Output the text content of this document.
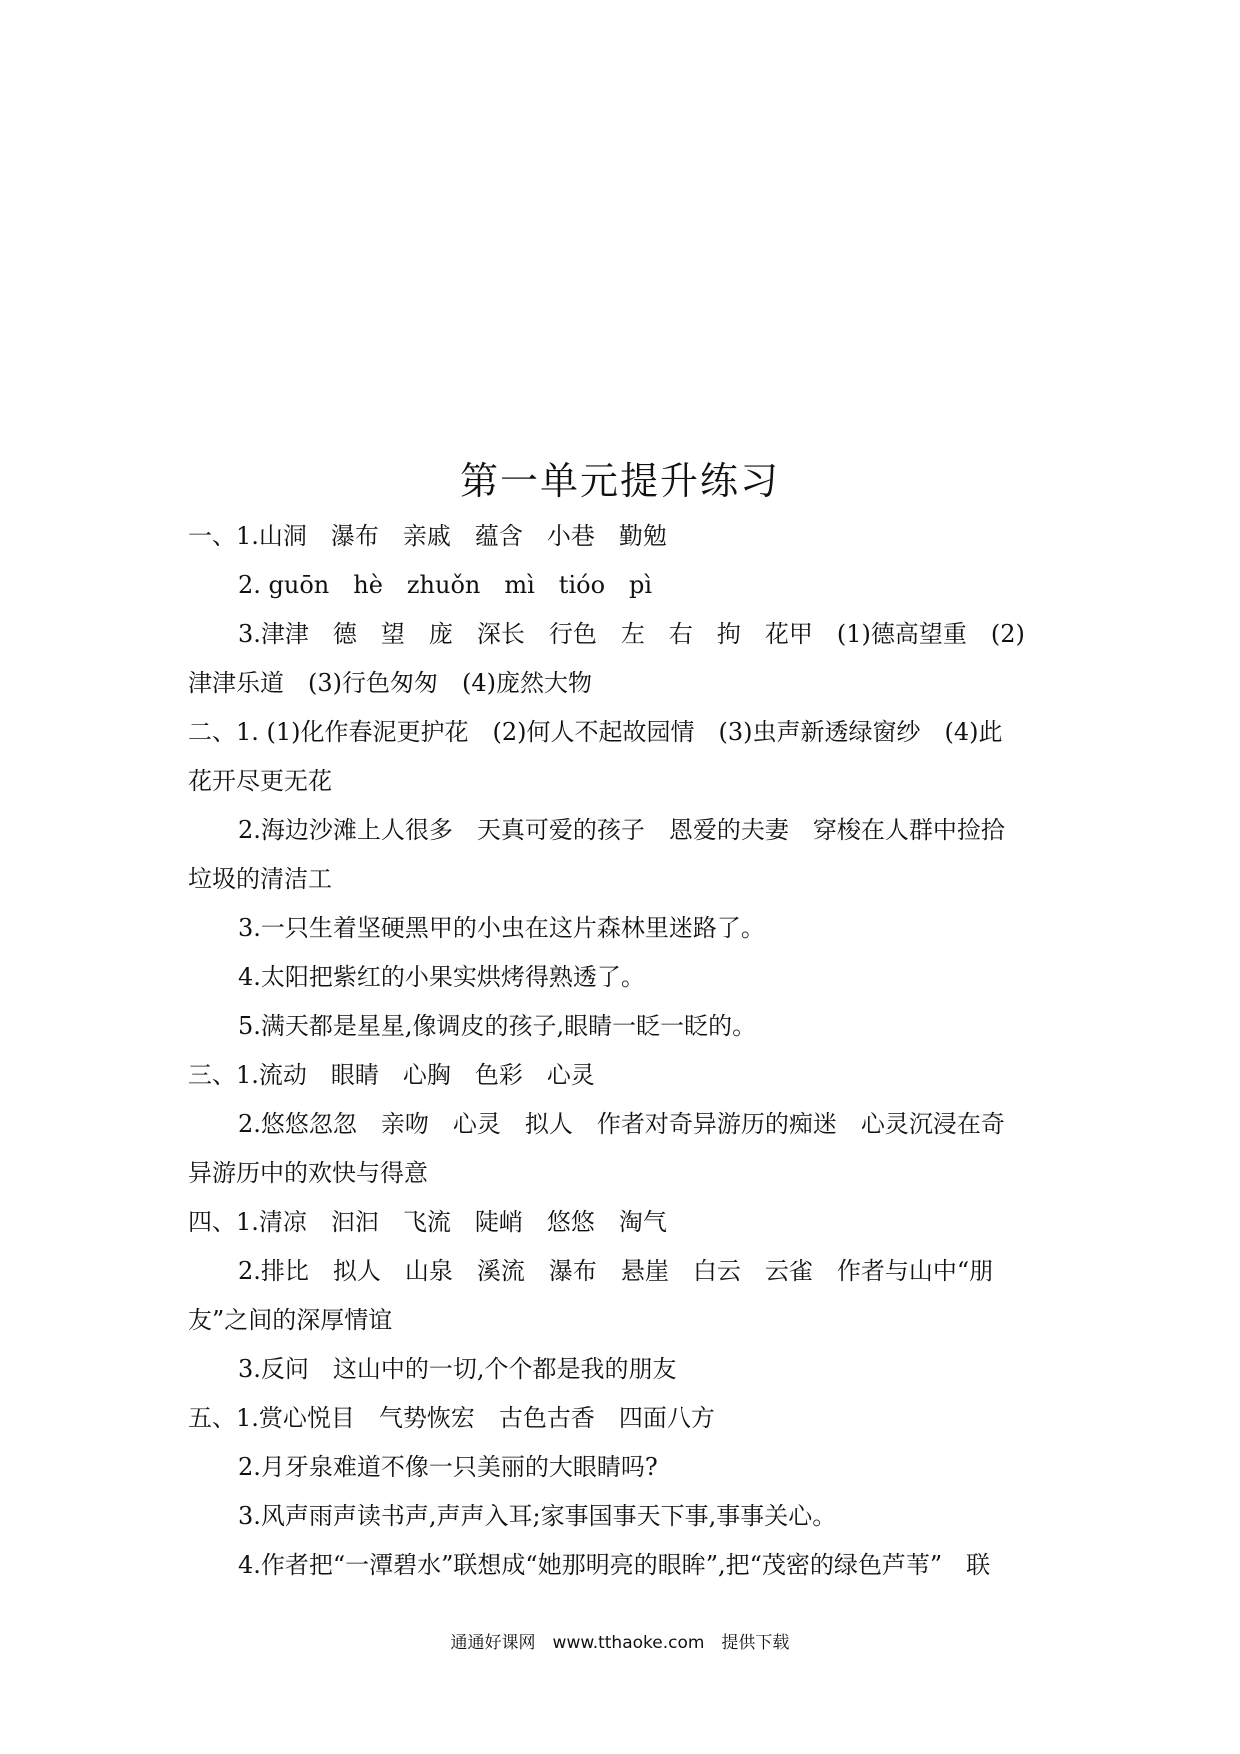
第一单元提升练习
一、1.山洞　瀑布　亲戚　蕴含　小巷　勤勉
2. guōn　hè　zhuǒn　mì　tióo　pì
3.津津　德　望　庞　深长　行色　左　右　拘　花甲　(1)德高望重　(2)
津津乐道　(3)行色匆匆　(4)庞然大物
二、1. (1)化作春泥更护花　(2)何人不起故园情　(3)虫声新透绿窗纱　(4)此
花开尽更无花
2.海边沙滩上人很多　天真可爱的孩子　恩爱的夫妻　穿梭在人群中捡拾
垃圾的清洁工
3.一只生着坚硬黑甲的小虫在这片森林里迷路了。
4.太阳把紫红的小果实烘烤得熟透了。
5.满天都是星星,像调皮的孩子,眼睛一眨一眨的。
三、1.流动　眼睛　心胸　色彩　心灵
2.悠悠忽忽　亲吻　心灵　拟人　作者对奇异游历的痴迷　心灵沉浸在奇
异游历中的欢快与得意
四、1.清凉　汩汩　飞流　陡峭　悠悠　淘气
2.排比　拟人　山泉　溪流　瀑布　悬崖　白云　云雀　作者与山中“朋
友”之间的深厚情谊
3.反问　这山中的一切,个个都是我的朋友
五、1.赏心悦目　气势恢宏　古色古香　四面八方
2.月牙泉难道不像一只美丽的大眼睛吗?
3.风声雨声读书声,声声入耳;家事国事天下事,事事关心。
4.作者把“一潭碧水”联想成“她那明亮的眼眸”,把“茂密的绿色芦苇”　联
通通好课网　www.tthaoke.com　提供下载
